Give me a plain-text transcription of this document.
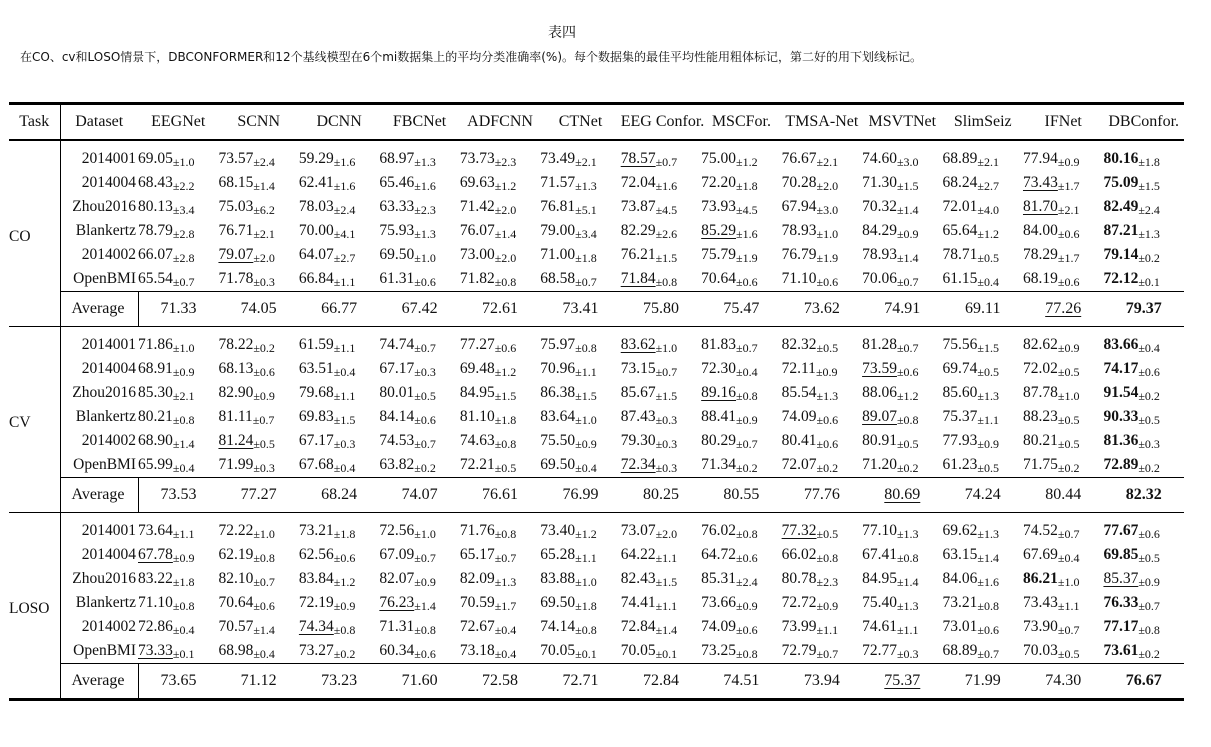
表四
在CO、cv和LOSO情景下，DBCONFORMER和12个基线模型在6个mi数据集上的平均分类准确率(%)。每个数据集的最佳平均性能用粗体标记，第二好的用下划线标记。
Task	Dataset	EEGNet	SCNN	DCNN	FBCNet	ADFCNN	CTNet	EEG Confor.	MSCFor.	TMSA-Net	MSVTNet	SlimSeiz	IFNet	DBConfor.
CO	2014001	69.05±1.0	73.57±2.4	59.29±1.6	68.97±1.3	73.73±2.3	73.49±2.1	78.57±0.7	75.00±1.2	76.67±2.1	74.60±3.0	68.89±2.1	77.94±0.9	80.16±1.8
	2014004	68.43±2.2	68.15±1.4	62.41±1.6	65.46±1.6	69.63±1.2	71.57±1.3	72.04±1.6	72.20±1.8	70.28±2.0	71.30±1.5	68.24±2.7	73.43±1.7	75.09±1.5
	Zhou2016	80.13±3.4	75.03±6.2	78.03±2.4	63.33±2.3	71.42±2.0	76.81±5.1	73.87±4.5	73.93±4.5	67.94±3.0	70.32±1.4	72.01±4.0	81.70±2.1	82.49±2.4
	Blankertz	78.79±2.8	76.71±2.1	70.00±4.1	75.93±1.3	76.07±1.4	79.00±3.4	82.29±2.6	85.29±1.6	78.93±1.0	84.29±0.9	65.64±1.2	84.00±0.6	87.21±1.3
	2014002	66.07±2.8	79.07±2.0	64.07±2.7	69.50±1.0	73.00±2.0	71.00±1.8	76.21±1.5	75.79±1.9	76.79±1.9	78.93±1.4	78.71±0.5	78.29±1.7	79.14±0.2
	OpenBMI	65.54±0.7	71.78±0.3	66.84±1.1	61.31±0.6	71.82±0.8	68.58±0.7	71.84±0.8	70.64±0.6	71.10±0.6	70.06±0.7	61.15±0.4	68.19±0.6	72.12±0.1
	Average	71.33	74.05	66.77	67.42	72.61	73.41	75.80	75.47	73.62	74.91	69.11	77.26	79.37
CV	2014001	71.86±1.0	78.22±0.2	61.59±1.1	74.74±0.7	77.27±0.6	75.97±0.8	83.62±1.0	81.83±0.7	82.32±0.5	81.28±0.7	75.56±1.5	82.62±0.9	83.66±0.4
	2014004	68.91±0.9	68.13±0.6	63.51±0.4	67.17±0.3	69.48±1.2	70.96±1.1	73.15±0.7	72.30±0.4	72.11±0.9	73.59±0.6	69.74±0.5	72.02±0.5	74.17±0.6
	Zhou2016	85.30±2.1	82.90±0.9	79.68±1.1	80.01±0.5	84.95±1.5	86.38±1.5	85.67±1.5	89.16±0.8	85.54±1.3	88.06±1.2	85.60±1.3	87.78±1.0	91.54±0.2
	Blankertz	80.21±0.8	81.11±0.7	69.83±1.5	84.14±0.6	81.10±1.8	83.64±1.0	87.43±0.3	88.41±0.9	74.09±0.6	89.07±0.8	75.37±1.1	88.23±0.5	90.33±0.5
	2014002	68.90±1.4	81.24±0.5	67.17±0.3	74.53±0.7	74.63±0.8	75.50±0.9	79.30±0.3	80.29±0.7	80.41±0.6	80.91±0.5	77.93±0.9	80.21±0.5	81.36±0.3
	OpenBMI	65.99±0.4	71.99±0.3	67.68±0.4	63.82±0.2	72.21±0.5	69.50±0.4	72.34±0.3	71.34±0.2	72.07±0.2	71.20±0.2	61.23±0.5	71.75±0.2	72.89±0.2
	Average	73.53	77.27	68.24	74.07	76.61	76.99	80.25	80.55	77.76	80.69	74.24	80.44	82.32
LOSO	2014001	73.64±1.1	72.22±1.0	73.21±1.8	72.56±1.0	71.76±0.8	73.40±1.2	73.07±2.0	76.02±0.8	77.32±0.5	77.10±1.3	69.62±1.3	74.52±0.7	77.67±0.6
	2014004	67.78±0.9	62.19±0.8	62.56±0.6	67.09±0.7	65.17±0.7	65.28±1.1	64.22±1.1	64.72±0.6	66.02±0.8	67.41±0.8	63.15±1.4	67.69±0.4	69.85±0.5
	Zhou2016	83.22±1.8	82.10±0.7	83.84±1.2	82.07±0.9	82.09±1.3	83.88±1.0	82.43±1.5	85.31±2.4	80.78±2.3	84.95±1.4	84.06±1.6	86.21±1.0	85.37±0.9
	Blankertz	71.10±0.8	70.64±0.6	72.19±0.9	76.23±1.4	70.59±1.7	69.50±1.8	74.41±1.1	73.66±0.9	72.72±0.9	75.40±1.3	73.21±0.8	73.43±1.1	76.33±0.7
	2014002	72.86±0.4	70.57±1.4	74.34±0.8	71.31±0.8	72.67±0.4	74.14±0.8	72.84±1.4	74.09±0.6	73.99±1.1	74.61±1.1	73.01±0.6	73.90±0.7	77.17±0.8
	OpenBMI	73.33±0.1	68.98±0.4	73.27±0.2	60.34±0.6	73.18±0.4	70.05±0.1	70.05±0.1	73.25±0.8	72.79±0.7	72.77±0.3	68.89±0.7	70.03±0.5	73.61±0.2
	Average	73.65	71.12	73.23	71.60	72.58	72.71	72.84	74.51	73.94	75.37	71.99	74.30	76.67
